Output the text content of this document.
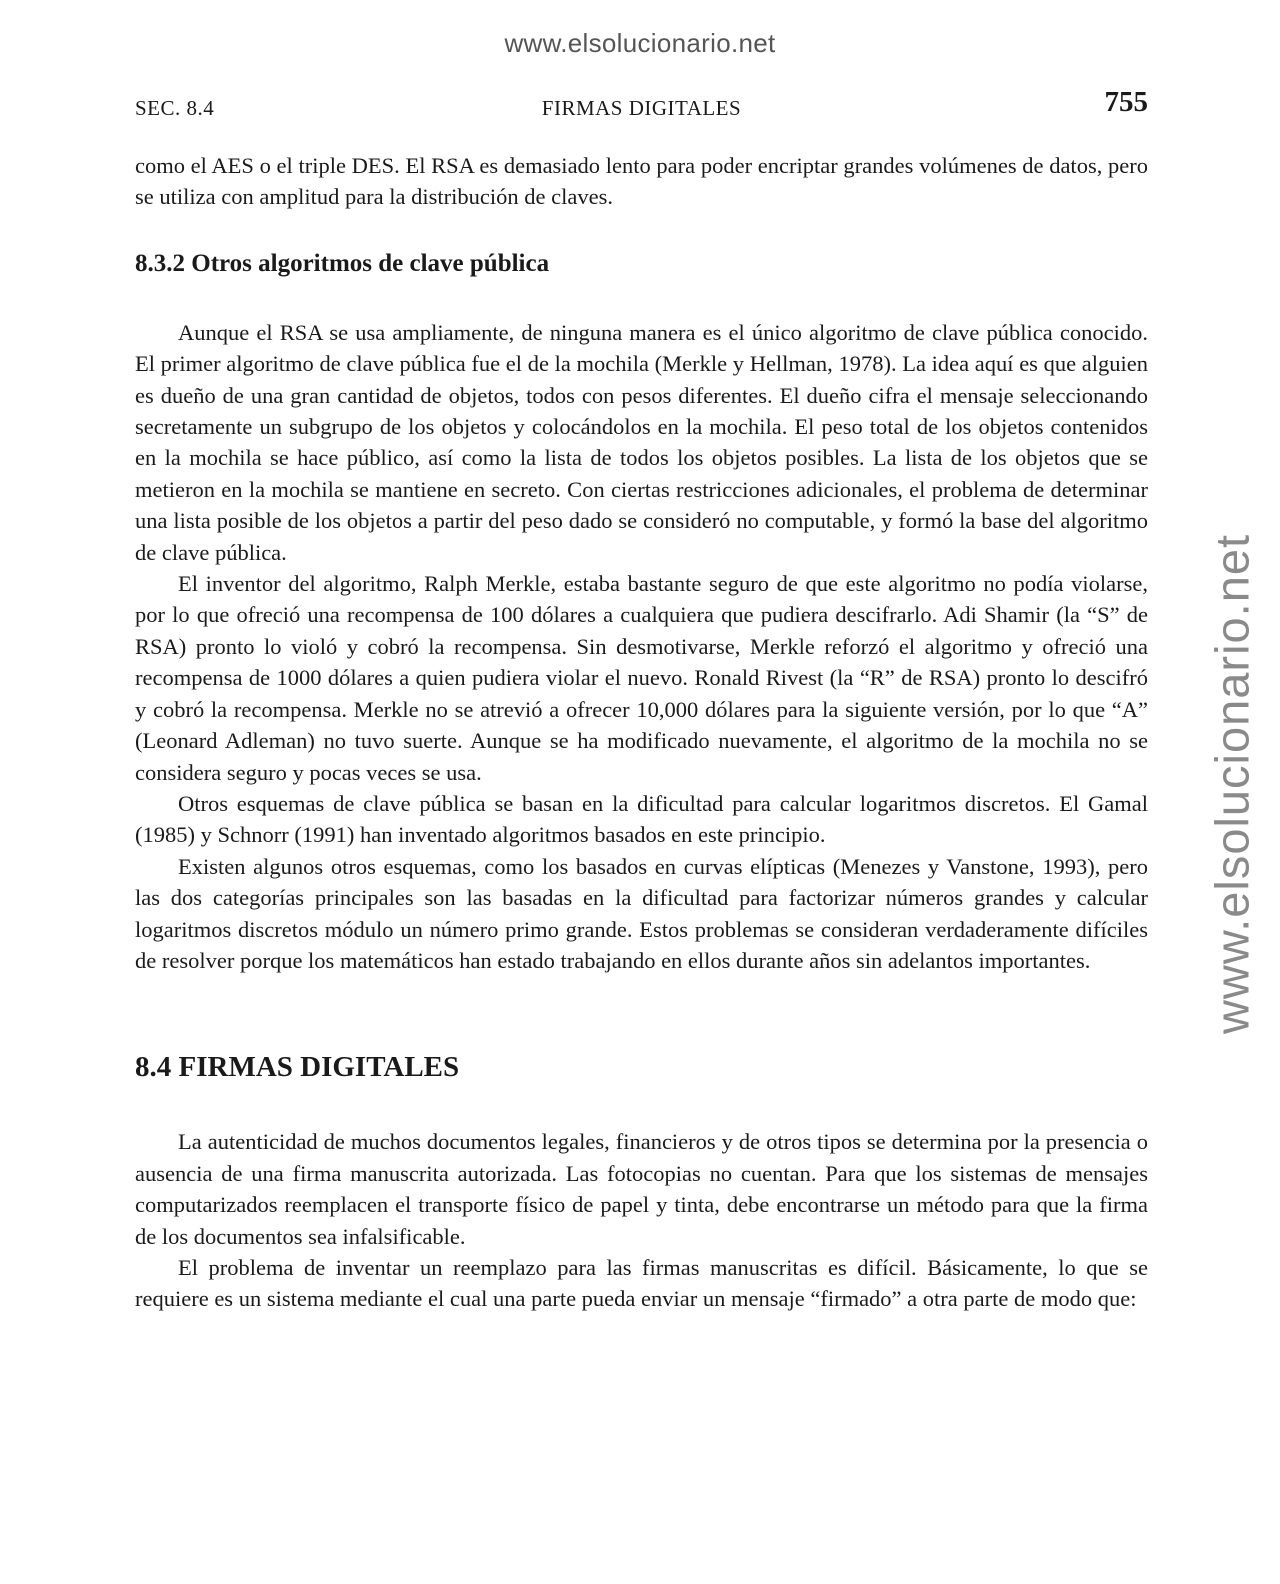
www.elsolucionario.net
www.elsolucionario.net
SEC. 8.4	FIRMAS DIGITALES	755

como el AES o el triple DES. El RSA es demasiado lento para poder encriptar grandes volúmenes de datos, pero se utiliza con amplitud para la distribución de claves.

8.3.2 Otros algoritmos de clave pública

Aunque el RSA se usa ampliamente, de ninguna manera es el único algoritmo de clave pública conocido. El primer algoritmo de clave pública fue el de la mochila (Merkle y Hellman, 1978). La idea aquí es que alguien es dueño de una gran cantidad de objetos, todos con pesos diferentes. El dueño cifra el mensaje seleccionando secretamente un subgrupo de los objetos y colocándolos en la mochila. El peso total de los objetos contenidos en la mochila se hace público, así como la lista de todos los objetos posibles. La lista de los objetos que se metieron en la mochila se mantiene en secreto. Con ciertas restricciones adicionales, el problema de determinar una lista posible de los objetos a partir del peso dado se consideró no computable, y formó la base del algoritmo de clave pública.

El inventor del algoritmo, Ralph Merkle, estaba bastante seguro de que este algoritmo no podía violarse, por lo que ofreció una recompensa de 100 dólares a cualquiera que pudiera descifrarlo. Adi Shamir (la “S” de RSA) pronto lo violó y cobró la recompensa. Sin desmotivarse, Merkle reforzó el algoritmo y ofreció una recompensa de 1000 dólares a quien pudiera violar el nuevo. Ronald Rivest (la “R” de RSA) pronto lo descifró y cobró la recompensa. Merkle no se atrevió a ofrecer 10,000 dólares para la siguiente versión, por lo que “A” (Leonard Adleman) no tuvo suerte. Aunque se ha modificado nuevamente, el algoritmo de la mochila no se considera seguro y pocas veces se usa.

Otros esquemas de clave pública se basan en la dificultad para calcular logaritmos discretos. El Gamal (1985) y Schnorr (1991) han inventado algoritmos basados en este principio.

Existen algunos otros esquemas, como los basados en curvas elípticas (Menezes y Vanstone, 1993), pero las dos categorías principales son las basadas en la dificultad para factorizar números grandes y calcular logaritmos discretos módulo un número primo grande. Estos problemas se consideran verdaderamente difíciles de resolver porque los matemáticos han estado trabajando en ellos durante años sin adelantos importantes.

8.4 FIRMAS DIGITALES

La autenticidad de muchos documentos legales, financieros y de otros tipos se determina por la presencia o ausencia de una firma manuscrita autorizada. Las fotocopias no cuentan. Para que los sistemas de mensajes computarizados reemplacen el transporte físico de papel y tinta, debe encontrarse un método para que la firma de los documentos sea infalsificable.

El problema de inventar un reemplazo para las firmas manuscritas es difícil. Básicamente, lo que se requiere es un sistema mediante el cual una parte pueda enviar un mensaje “firmado” a otra parte de modo que:
